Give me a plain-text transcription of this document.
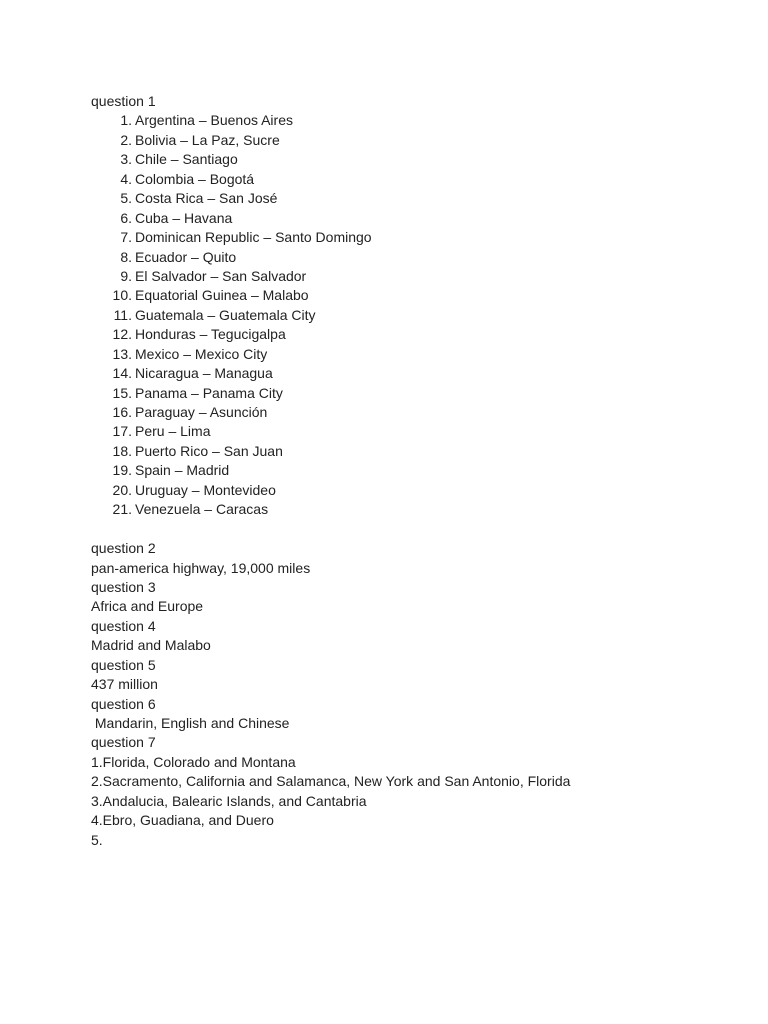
question 1
1. Argentina – Buenos Aires
2. Bolivia – La Paz, Sucre
3. Chile – Santiago
4. Colombia – Bogotá
5. Costa Rica – San José
6. Cuba – Havana
7. Dominican Republic – Santo Domingo
8. Ecuador – Quito
9. El Salvador – San Salvador
10. Equatorial Guinea – Malabo
11. Guatemala – Guatemala City
12. Honduras – Tegucigalpa
13. Mexico – Mexico City
14. Nicaragua – Managua
15. Panama – Panama City
16. Paraguay – Asunción
17. Peru – Lima
18. Puerto Rico – San Juan
19. Spain – Madrid
20. Uruguay – Montevideo
21. Venezuela – Caracas
question 2
pan-america highway, 19,000 miles
question 3
Africa and Europe
question 4
Madrid and Malabo
question 5
437 million
question 6
Mandarin, English and Chinese
question 7
1.Florida, Colorado and Montana
2.Sacramento, California and Salamanca, New York and San Antonio, Florida
3.Andalucia, Balearic Islands, and Cantabria
4.Ebro, Guadiana, and Duero
5.
